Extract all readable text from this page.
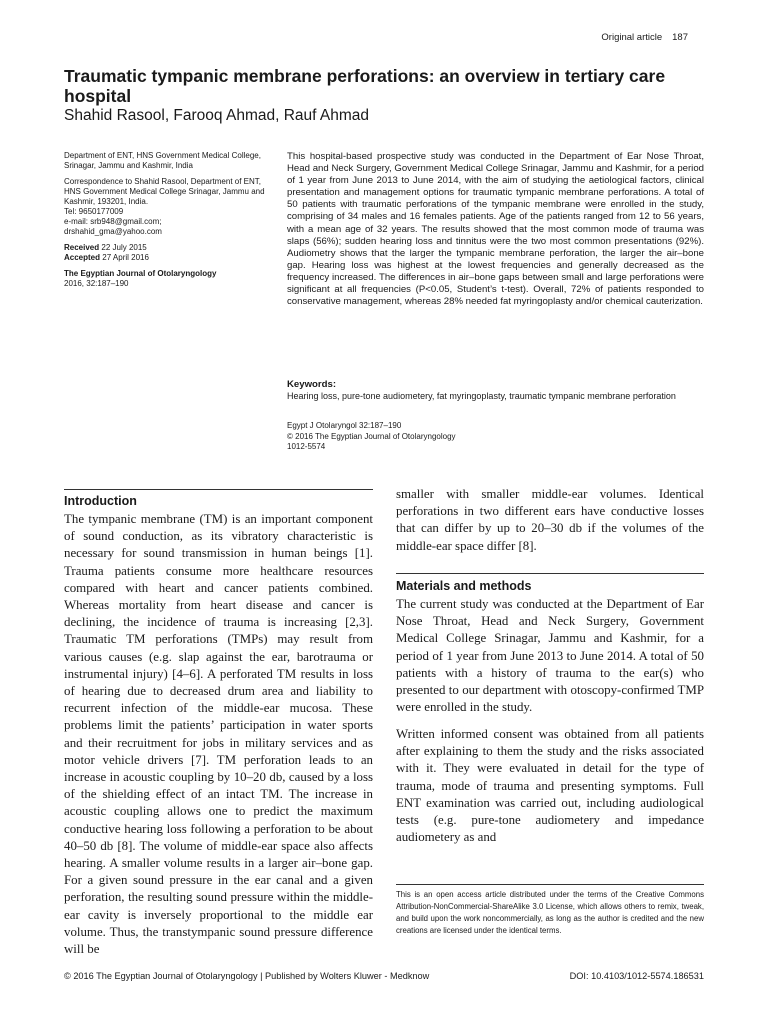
Original article 187
Traumatic tympanic membrane perforations: an overview in tertiary care hospital

Shahid Rasool, Farooq Ahmad, Rauf Ahmad

Department of ENT, HNS Government Medical College, Srinagar, Jammu and Kashmir, India

Correspondence to Shahid Rasool, Department of ENT, HNS Government Medical College Srinagar, Jammu and Kashmir, 193201, India.

Tel: 9650177009

e-mail: srb948@gmail.com;

drshahid_gma@yahoo.com

Received 22 July 2015

Accepted 27 April 2016

The Egyptian Journal of Otolaryngology

2016, 32:187–190

This hospital-based prospective study was conducted in the Department of Ear Nose Throat, Head and Neck Surgery, Government Medical College Srinagar, Jammu and Kashmir, for a period of 1 year from June 2013 to June 2014, with the aim of studying the aetiological factors, clinical presentation and management options for traumatic tympanic membrane perforations. A total of 50 patients with traumatic perforations of the tympanic membrane were enrolled in the study, comprising of 34 males and 16 females patients. Age of the patients ranged from 12 to 56 years, with a mean age of 32 years. The results showed that the most common mode of trauma was slaps (56%); sudden hearing loss and tinnitus were the two most common presentations (92%). Audiometry shows that the larger the tympanic membrane perforation, the larger the air–bone gap. Hearing loss was highest at the lowest frequencies and generally decreased as the frequency increased. The differences in air–bone gaps between small and large perforations were significant at all frequencies (P<0.05, Student’s t-test). Overall, 72% of patients responded to conservative management, whereas 28% needed fat myringoplasty and/or chemical cauterization.

Keywords:

Hearing loss, pure-tone audiometery, fat myringoplasty, traumatic tympanic membrane perforation

Egypt J Otolaryngol 32:187–190
© 2016 The Egyptian Journal of Otolaryngology
1012-5574
Introduction

The tympanic membrane (TM) is an important component of sound conduction, as its vibratory characteristic is necessary for sound transmission in human beings [1]. Trauma patients consume more healthcare resources compared with heart and cancer patients combined. Whereas mortality from heart disease and cancer is declining, the incidence of trauma is increasing [2,3]. Traumatic TM perforations (TMPs) may result from various causes (e.g. slap against the ear, barotrauma or instrumental injury) [4–6]. A perforated TM results in loss of hearing due to decreased drum area and liability to recurrent infection of the middle-ear mucosa. These problems limit the patients’ participation in water sports and their recruitment for jobs in military services and as motor vehicle drivers [7]. TM perforation leads to an increase in acoustic coupling by 10–20 db, caused by a loss of the shielding effect of an intact TM. The increase in acoustic coupling allows one to predict the maximum conductive hearing loss following a perforation to be about 40–50 db [8]. The volume of middle-ear space also affects hearing. A smaller volume results in a larger air–bone gap. For a given sound pressure in the ear canal and a given perforation, the resulting sound pressure within the middle-ear cavity is inversely proportional to the middle ear volume. Thus, the transtympanic sound pressure difference will be

smaller with smaller middle-ear volumes. Identical perforations in two different ears have conductive losses that can differ by up to 20–30 db if the volumes of the middle-ear space differ [8].

Materials and methods

The current study was conducted at the Department of Ear Nose Throat, Head and Neck Surgery, Government Medical College Srinagar, Jammu and Kashmir, for a period of 1 year from June 2013 to June 2014. A total of 50 patients with a history of trauma to the ear(s) who presented to our department with otoscopy-confirmed TMP were enrolled in the study.

Written informed consent was obtained from all patients after explaining to them the study and the risks associated with it. They were evaluated in detail for the type of trauma, mode of trauma and presenting symptoms. Full ENT examination was carried out, including audiological tests (e.g. pure-tone audiometery and impedance audiometery as and

This is an open access article distributed under the terms of the Creative Commons Attribution-NonCommercial-ShareAlike 3.0 License, which allows others to remix, tweak, and build upon the work noncommercially, as long as the author is credited and the new creations are licensed under the identical terms.

© 2016 The Egyptian Journal of Otolaryngology | Published by Wolters Kluwer - Medknow	DOI: 10.4103/1012-5574.186531
